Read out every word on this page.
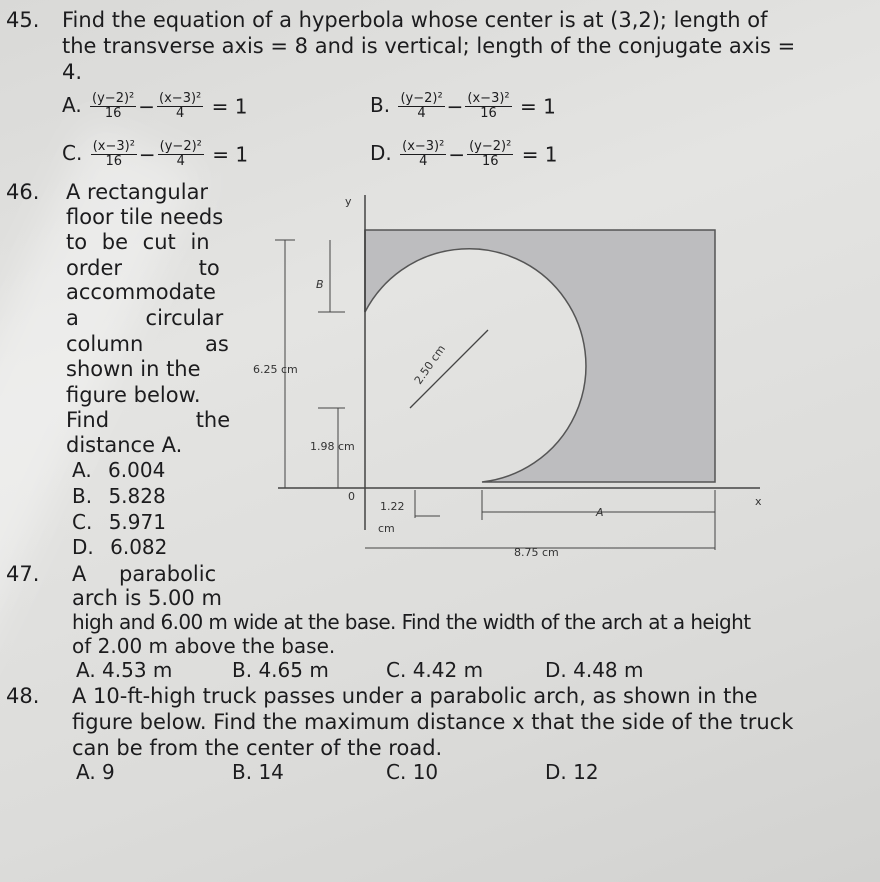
45. Find the equation of a hyperbola whose center is at (3,2); length of
the transverse axis = 8 and is vertical; length of the conjugate axis =
4.
A. $\frac{\text{(y−2)²}}{16} - \frac{\text{(x−3)²}}{4} = 1$	B. $\frac{\text{(y−2)²}}{4} - \frac{\text{(x−3)²}}{16} = 1$
C. $\frac{\text{(x−3)²}}{16} - \frac{\text{(y−2)²}}{4} = 1$	D. $\frac{\text{(x−3)²}}{4} - \frac{\text{(y−2)²}}{16} = 1$
46. A rectangular
floor tile needs
to be cut in
order to
accommodate
a circular
column as
shown in the
figure below.
Find the
distance A.
A. 6.004
B. 5.828
C. 5.971
D. 6.082
y
x
B
6.25 cm	2.50 cm
1.98 cm
0
1.22
cm
A
8.75 cm
47. A parabolic
arch is 5.00 m
high and 6.00 m wide at the base. Find the width of the arch at a height
of 2.00 m above the base.
A. 4.53 m	B. 4.65 m	C. 4.42 m	D. 4.48 m
48. A 10-ft-high truck passes under a parabolic arch, as shown in the
figure below. Find the maximum distance x that the side of the truck
can be from the center of the road.
A. 9	B. 14	C. 10	D. 12
